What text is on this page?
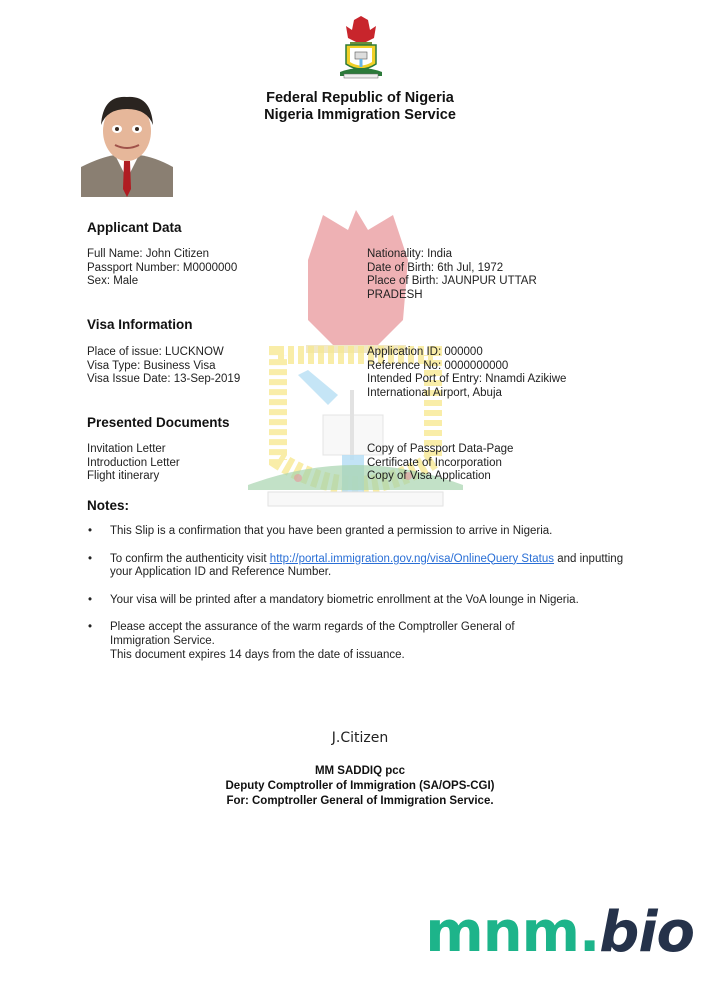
Federal Republic of Nigeria
Nigeria Immigration Service
Applicant Data
Full Name: John Citizen
Passport Number: M0000000
Sex: Male
Nationality: India
Date of Birth: 6th Jul, 1972
Place of Birth: JAUNPUR UTTAR PRADESH
Visa Information
Place of issue: LUCKNOW
Visa Type: Business Visa
Visa Issue Date: 13-Sep-2019
Application ID: 000000
Reference No: 0000000000
Intended Port of Entry: Nnamdi Azikiwe International Airport, Abuja
Presented Documents
Invitation Letter
Introduction Letter
Flight itinerary
Copy of Passport Data-Page
Certificate of Incorporation
Copy of Visa Application
Notes:
• This Slip is a confirmation that you have been granted a permission to arrive in Nigeria.
• To confirm the authenticity visit http://portal.immigration.gov.ng/visa/OnlineQuery Status and inputting your Application ID and Reference Number.
• Your visa will be printed after a mandatory biometric enrollment at the VoA lounge in Nigeria.
• Please accept the assurance of the warm regards of the Comptroller General of Immigration Service.
This document expires 14 days from the date of issuance.
J.Citizen
MM SADDIQ pcc
Deputy Comptroller of Immigration (SA/OPS-CGI)
For: Comptroller General of Immigration Service.
mnm.bio
